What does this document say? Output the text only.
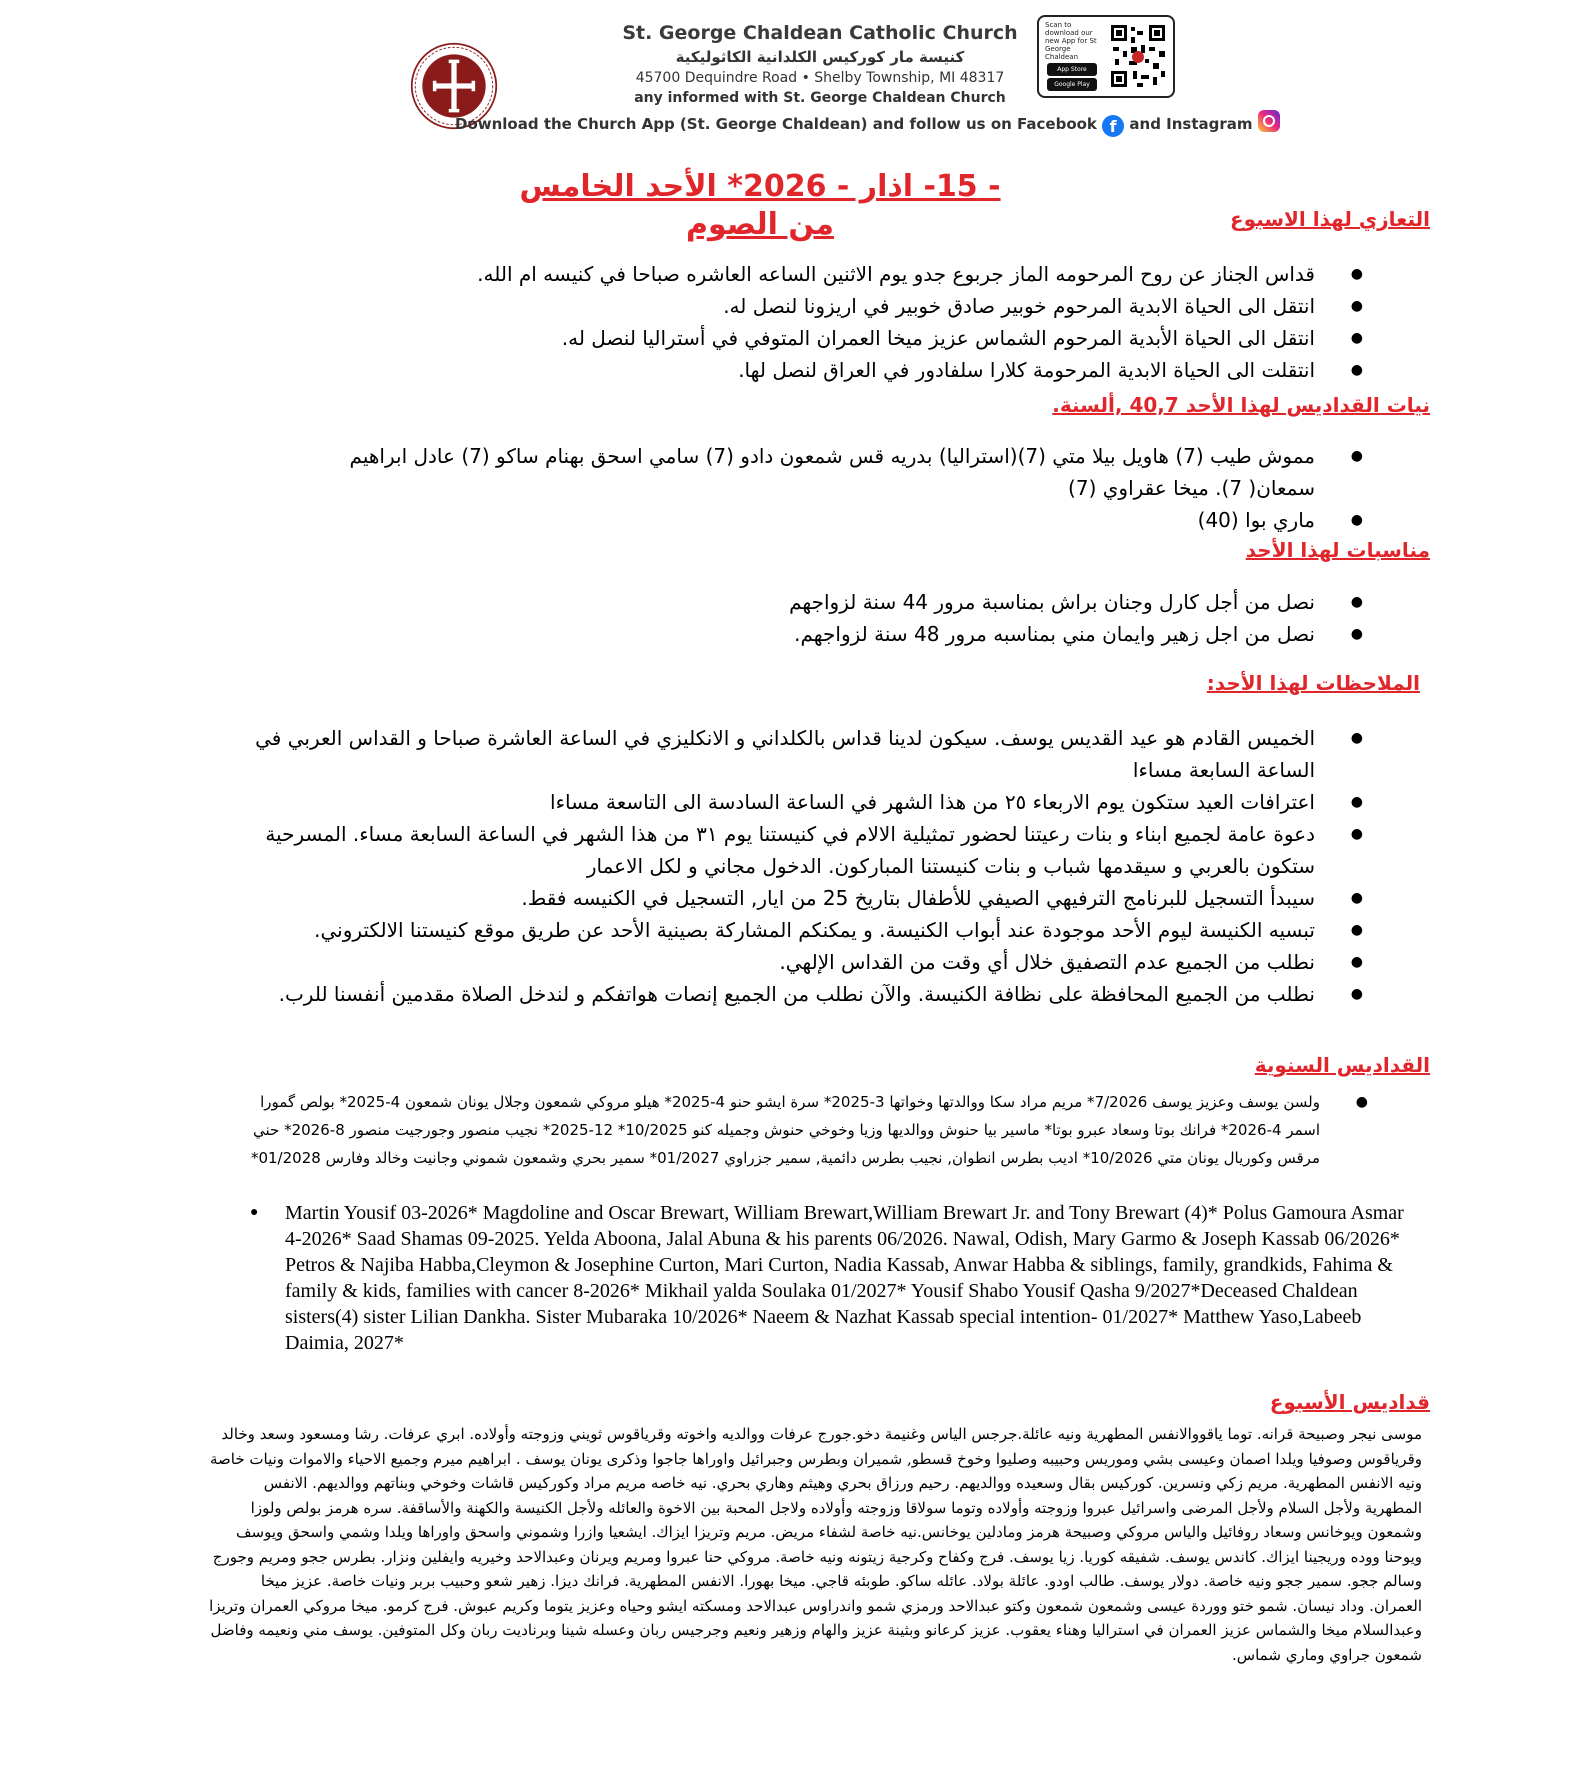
St. George Chaldean Catholic Church
كنيسة مار كوركيس الكلدانية الكاثوليكية
45700 Dequindre Road • Shelby Township, MI 48317
any informed with St. George Chaldean Church
Download the Church App (St. George Chaldean) and follow us on Facebook f and Instagram
Scan to download our new App for St George Chaldean
App Store
Google Play
- 15- اذار - 2026* الأحد الخامس من الصوم	التعازي لهذا الاسبوع
● قداس الجناز عن روح المرحومه الماز جربوع جدو يوم الاثنين الساعه العاشره صباحا في كنيسه ام الله.
● انتقل الى الحياة الابدية المرحوم خوبير صادق خوبير في اريزونا لنصل له.
● انتقل الى الحياة الأبدية المرحوم الشماس عزيز ميخا العمران المتوفي في أستراليا لنصل له.
● انتقلت الى الحياة الابدية المرحومة كلارا سلفادور في العراق لنصل لها.
نيات القداديس لهذا الأحد 40,7 ,ألسنة.
● مموش طيب (7) هاويل بيلا متي (7)(استراليا) بدريه قس شمعون دادو (7) سامي اسحق بهنام ساكو (7) عادل ابراهيم سمعان( 7). ميخا عقراوي (7)
● ماري بوا (40)
مناسبات لهذا الأحد
● نصل من أجل كارل وجنان براش بمناسبة مرور 44 سنة لزواجهم
● نصل من اجل زهير وايمان مني بمناسبه مرور 48 سنة لزواجهم.
الملاحظات لهذا الأحد:
● الخميس القادم هو عيد القديس يوسف. سيكون لدينا قداس بالكلداني و الانكليزي في الساعة العاشرة صباحا و القداس العربي في الساعة السابعة مساءا
● اعترافات العيد ستكون يوم الاربعاء ٢٥ من هذا الشهر في الساعة السادسة الى التاسعة مساءا
● دعوة عامة لجميع ابناء و بنات رعيتنا لحضور تمثيلية الالام في كنيستنا يوم ٣١ من هذا الشهر في الساعة السابعة مساء. المسرحية ستكون بالعربي و سيقدمها شباب و بنات كنيستنا المباركون. الدخول مجاني و لكل الاعمار
● سيبدأ التسجيل للبرنامج الترفيهي الصيفي للأطفال بتاريخ 25 من ايار, التسجيل في الكنيسه فقط.
● تبسيه الكنيسة ليوم الأحد موجودة عند أبواب الكنيسة. و يمكنكم المشاركة بصينية الأحد عن طريق موقع كنيستنا الالكتروني.
● نطلب من الجميع عدم التصفيق خلال أي وقت من القداس الإلهي.
● نطلب من الجميع المحافظة على نظافة الكنيسة. والآن نطلب من الجميع إنصات هواتفكم و لندخل الصلاة مقدمين أنفسنا للرب.
القداديس السنوية
● ولسن يوسف وعزيز يوسف 7/2026* مريم مراد سكا ووالدتها وخواتها 3-2025* سرة ايشو حنو 4-2025* هيلو مروكي شمعون وجلال يونان شمعون 4-2025* بولص گمورا اسمر 4-2026* فرانك بوتا وسعاد عبرو بوتا* ماسير بيا حنوش ووالديها وزيا وخوخي حنوش وجميله كنو 10/2025* 12-2025* نجيب منصور وجورجيت منصور 8-2026* حني مرقس وكوريال يونان متي 10/2026* اديب بطرس انطوان, نجيب بطرس دائمية, سمير جزراوي 01/2027* سمير بحري وشمعون شموني وجانيت وخالد وفارس 01/2028*
● Martin Yousif 03-2026* Magdoline and Oscar Brewart, William Brewart,William Brewart Jr. and Tony Brewart (4)* Polus Gamoura Asmar 4-2026* Saad Shamas 09-2025. Yelda Aboona, Jalal Abuna & his parents 06/2026. Nawal, Odish, Mary Garmo & Joseph Kassab 06/2026* Petros & Najiba Habba,Cleymon & Josephine Curton, Mari Curton, Nadia Kassab, Anwar Habba & siblings, family, grandkids, Fahima & family & kids, families with cancer 8-2026* Mikhail yalda Soulaka 01/2027* Yousif Shabo Yousif Qasha 9/2027*Deceased Chaldean sisters(4) sister Lilian Dankha. Sister Mubaraka 10/2026* Naeem & Nazhat Kassab special intention- 01/2027* Matthew Yaso,Labeeb Daimia, 2027*
قداديس الأسبوع
موسى نيجر وصبيحة قرانه. توما ياقووالانفس المطهرية ونيه عائلة.جرجس الياس وغنيمة دخو.جورج عرفات ووالديه واخوته وقرياقوس ثويني وزوجته وأولاده. ابري عرفات. رشا ومسعود وسعد وخالد وقرياقوس وصوفيا ويلدا اصمان وعيسى بشي وموريس وحبيبه وصليوا وخوخ قسطو, شميران وبطرس وجبرائيل واوراها جاجوا وذكرى يونان يوسف . ابراهيم ميرم وجميع الاحياء والاموات ونيات خاصة ونيه الانفس المطهرية. مريم زكي ونسرين. كوركيس بقال وسعيده ووالديهم. رحيم ورزاق بحري وهيثم وهاري بحري. نيه خاصه مريم مراد وكوركيس قاشات وخوخي وبناتهم ووالديهم. الانفس المطهرية ولأجل السلام ولأجل المرضى واسرائيل عبروا وزوجته وأولاده وتوما سولاقا وزوجته وأولاده ولاجل المحبة بين الاخوة والعائله ولأجل الكنيسة والكهنة والأساقفة. سره هرمز بولص ولوزا وشمعون ويوخانس وسعاد روفائيل والياس مروكي وصبيحة هرمز ومادلين يوخانس.نيه خاصة لشفاء مريض. مريم وتريزا ايزاك. ايشعيا وازرا وشموني واسحق واوراها ويلدا وشمي واسحق ويوسف ويوحنا ووده وريجينا ايزاك. كاندس يوسف. شفيقه كوريا. زيا يوسف. فرج وكفاح وكرجية زيتونه ونيه خاصة. مروكي حنا عبروا ومريم ويرنان وعبدالاحد وخيريه وايفلين ونزار. بطرس ججو ومريم وجورج وسالم ججو. سمير ججو ونيه خاصة. دولار يوسف. طالب اودو. عائلة بولاد. عائله ساكو. طوبئه قاجي. ميخا بهورا. الانفس المطهرية. فرانك ديزا. زهير شعو وحبيب بربر ونيات خاصة. عزيز ميخا العمران. وداد نيسان. شمو ختو ووردة عيسى وشمعون شمعون وكتو عبدالاحد ورمزي شمو واندراوس عبدالاحد ومسكته ايشو وحياه وعزيز يتوما وكريم عبوش. فرج كرمو. ميخا مروكي العمران وتريزا وعبدالسلام ميخا والشماس عزيز العمران في استراليا وهناء يعقوب. عزيز كرعانو وبثينة عزيز والهام وزهير ونعيم وجرجيس ربان وعسله شينا وبرناديت ربان وكل المتوفين. يوسف مني ونعيمه وفاضل شمعون جراوي وماري شماس.
